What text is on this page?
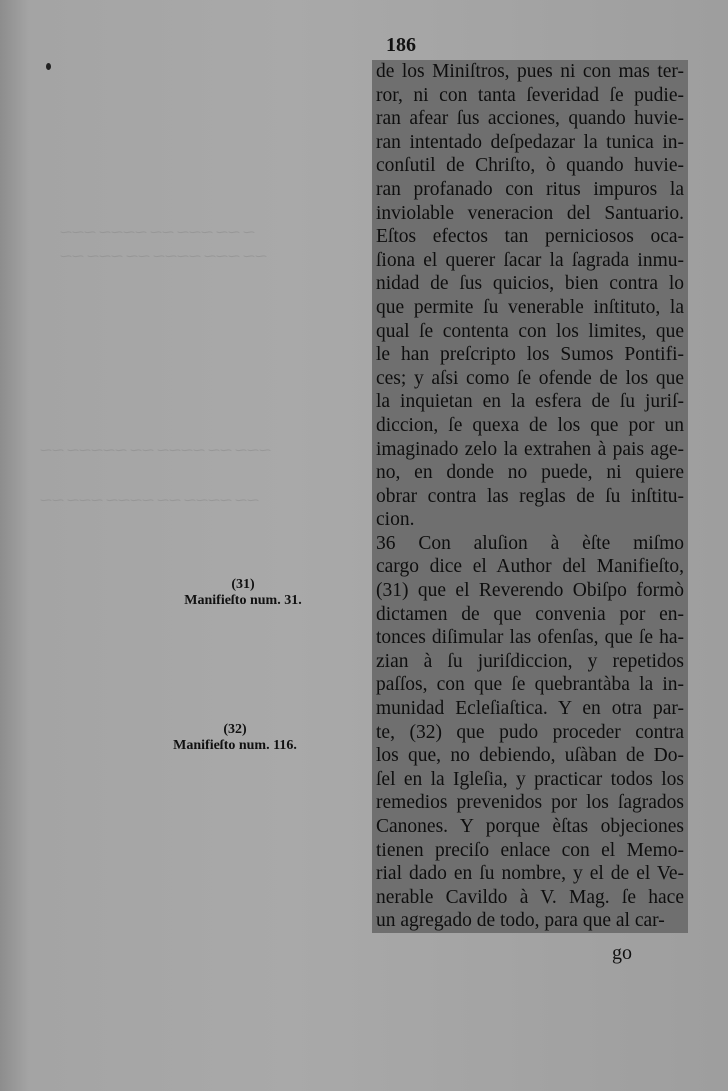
⁓ ⁓⁓ ⁓⁓⁓ ⁓⁓ ⁓⁓⁓⁓ ⁓⁓⁓
⁓⁓ ⁓⁓⁓ ⁓⁓⁓⁓ ⁓⁓ ⁓⁓⁓ ⁓⁓
⁓⁓⁓ ⁓⁓ ⁓⁓⁓⁓ ⁓⁓ ⁓⁓⁓⁓⁓ ⁓⁓
⁓⁓ ⁓⁓⁓⁓ ⁓⁓ ⁓⁓⁓⁓ ⁓⁓⁓ ⁓⁓
186
de los Miniſtros, pues ni con mas ter-
ror, ni con tanta ſeveridad ſe pudie-
ran afear ſus acciones, quando huvie-
ran intentado deſpedazar la tunica in-
conſutil de Chriſto, ò quando huvie-
ran profanado con ritus impuros la
inviolable veneracion del Santuario.
Eſtos efectos tan perniciosos oca-
ſiona el querer ſacar la ſagrada inmu-
nidad de ſus quicios, bien contra lo
que permite ſu venerable inſtituto, la
qual ſe contenta con los limites, que
le han preſcripto los Sumos Pontifi-
ces; y aſsi como ſe ofende de los que
la inquietan en la esfera de ſu juriſ-
diccion, ſe quexa de los que por un
imaginado zelo la extrahen à pais age-
no, en donde no puede, ni quiere
obrar contra las reglas de ſu inſtitu-
cion.
36 Con aluſion à èſte miſmo
cargo dice el Author del Manifieſto,
(31) que el Reverendo Obiſpo formò
dictamen de que convenia por en-
tonces diſimular las ofenſas, que ſe ha-
zian à ſu juriſdiccion, y repetidos
paſſos, con que ſe quebrantàba la in-
munidad Ecleſiaſtica. Y en otra par-
te, (32) que pudo proceder contra
los que, no debiendo, uſàban de Do-
ſel en la Igleſia, y practicar todos los
remedios prevenidos por los ſagrados
Canones. Y porque èſtas objeciones
tienen preciſo enlace con el Memo-
rial dado en ſu nombre, y el de el Ve-
nerable Cavildo à V. Mag. ſe hace
un agregado de todo, para que al car-
(31)
Manifieſto num. 31.
(32)
Manifieſto num. 116.
go
